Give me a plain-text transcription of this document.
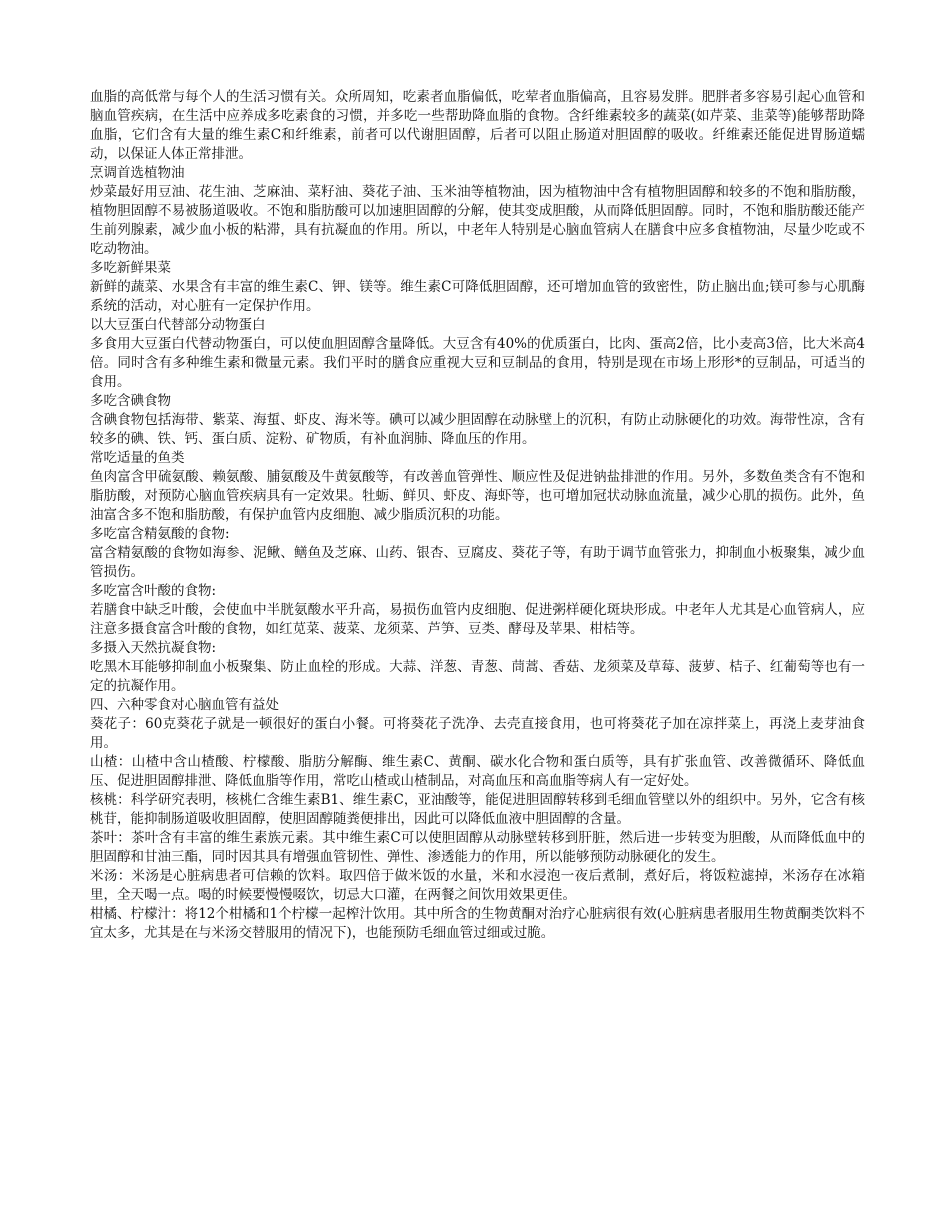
血脂的高低常与每个人的生活习惯有关。众所周知，吃素者血脂偏低，吃荤者血脂偏高，且容易发胖。肥胖者多容易引起心血管和脑血管疾病，在生活中应养成多吃素食的习惯，并多吃一些帮助降血脂的食物。含纤维素较多的蔬菜(如芹菜、韭菜等)能够帮助降血脂，它们含有大量的维生素C和纤维素，前者可以代谢胆固醇，后者可以阻止肠道对胆固醇的吸收。纤维素还能促进胃肠道蠕动，以保证人体正常排泄。

烹调首选植物油

炒菜最好用豆油、花生油、芝麻油、菜籽油、葵花子油、玉米油等植物油，因为植物油中含有植物胆固醇和较多的不饱和脂肪酸，植物胆固醇不易被肠道吸收。不饱和脂肪酸可以加速胆固醇的分解，使其变成胆酸，从而降低胆固醇。同时，不饱和脂肪酸还能产生前列腺素，减少血小板的粘滞，具有抗凝血的作用。所以，中老年人特别是心脑血管病人在膳食中应多食植物油，尽量少吃或不吃动物油。

多吃新鲜果菜

新鲜的蔬菜、水果含有丰富的维生素C、钾、镁等。维生素C可降低胆固醇，还可增加血管的致密性，防止脑出血;镁可参与心肌酶系统的活动，对心脏有一定保护作用。

以大豆蛋白代替部分动物蛋白

多食用大豆蛋白代替动物蛋白，可以使血胆固醇含量降低。大豆含有40%的优质蛋白，比肉、蛋高2倍，比小麦高3倍，比大米高4倍。同时含有多种维生素和微量元素。我们平时的膳食应重视大豆和豆制品的食用，特别是现在市场上形形*的豆制品，可适当的食用。

多吃含碘食物

含碘食物包括海带、紫菜、海蜇、虾皮、海米等。碘可以减少胆固醇在动脉壁上的沉积，有防止动脉硬化的功效。海带性凉，含有较多的碘、铁、钙、蛋白质、淀粉、矿物质，有补血润肺、降血压的作用。

常吃适量的鱼类

鱼肉富含甲硫氨酸、赖氨酸、脯氨酸及牛黄氨酸等，有改善血管弹性、顺应性及促进钠盐排泄的作用。另外，多数鱼类含有不饱和脂肪酸，对预防心脑血管疾病具有一定效果。牡蛎、鲜贝、虾皮、海虾等，也可增加冠状动脉血流量，减少心肌的损伤。此外，鱼油富含多不饱和脂肪酸，有保护血管内皮细胞、减少脂质沉积的功能。

多吃富含精氨酸的食物:

富含精氨酸的食物如海参、泥鳅、鳝鱼及芝麻、山药、银杏、豆腐皮、葵花子等，有助于调节血管张力，抑制血小板聚集，减少血管损伤。

多吃富含叶酸的食物:

若膳食中缺乏叶酸，会使血中半胱氨酸水平升高，易损伤血管内皮细胞、促进粥样硬化斑块形成。中老年人尤其是心血管病人，应注意多摄食富含叶酸的食物，如红苋菜、菠菜、龙须菜、芦笋、豆类、酵母及苹果、柑桔等。

多摄入天然抗凝食物:

吃黑木耳能够抑制血小板聚集、防止血栓的形成。大蒜、洋葱、青葱、茼蒿、香菇、龙须菜及草莓、菠萝、桔子、红葡萄等也有一定的抗凝作用。

四、六种零食对心脑血管有益处

葵花子：60克葵花子就是一顿很好的蛋白小餐。可将葵花子洗净、去壳直接食用，也可将葵花子加在凉拌菜上，再浇上麦芽油食用。

山楂：山楂中含山楂酸、柠檬酸、脂肪分解酶、维生素C、黄酮、碳水化合物和蛋白质等，具有扩张血管、改善微循环、降低血压、促进胆固醇排泄、降低血脂等作用，常吃山楂或山楂制品，对高血压和高血脂等病人有一定好处。

核桃：科学研究表明，核桃仁含维生素B1、维生素C，亚油酸等，能促进胆固醇转移到毛细血管壁以外的组织中。另外，它含有核桃苷，能抑制肠道吸收胆固醇，使胆固醇随粪便排出，因此可以降低血液中胆固醇的含量。

茶叶：茶叶含有丰富的维生素族元素。其中维生素C可以使胆固醇从动脉壁转移到肝脏，然后进一步转变为胆酸，从而降低血中的胆固醇和甘油三酯，同时因其具有增强血管韧性、弹性、渗透能力的作用，所以能够预防动脉硬化的发生。

米汤：米汤是心脏病患者可信赖的饮料。取四倍于做米饭的水量，米和水浸泡一夜后煮制，煮好后，将饭粒滤掉，米汤存在冰箱里，全天喝一点。喝的时候要慢慢啜饮，切忌大口灌，在两餐之间饮用效果更佳。

柑橘、柠檬汁：将12个柑橘和1个柠檬一起榨汁饮用。其中所含的生物黄酮对治疗心脏病很有效(心脏病患者服用生物黄酮类饮料不宜太多，尤其是在与米汤交替服用的情况下)，也能预防毛细血管过细或过脆。
